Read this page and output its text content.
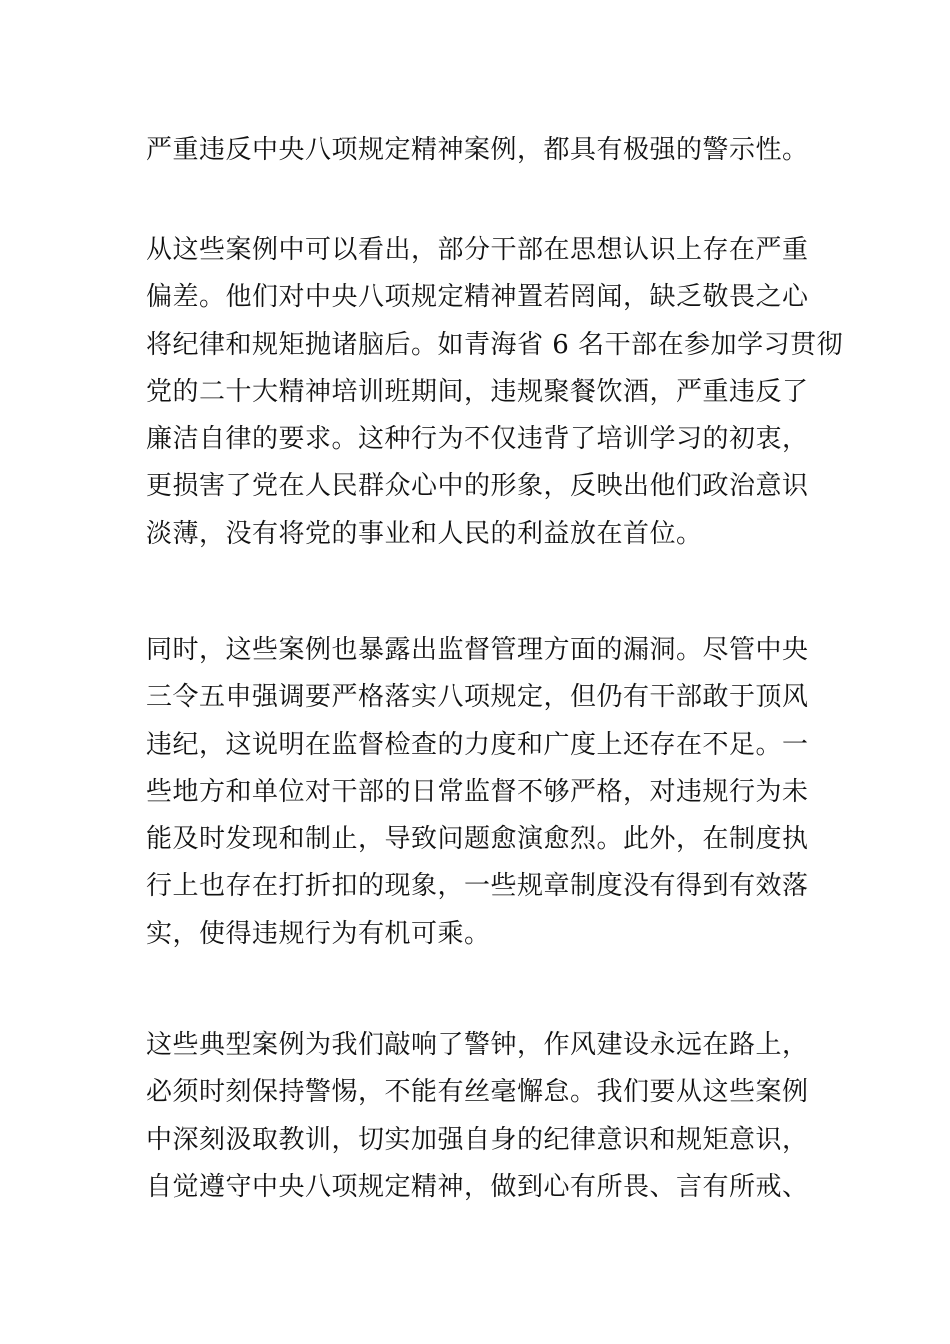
严重违反中央八项规定精神案例，都具有极强的警示性。

从这些案例中可以看出，部分干部在思想认识上存在严重
偏差。他们对中央八项规定精神置若罔闻，缺乏敬畏之心
将纪律和规矩抛诸脑后。如青海省 6 名干部在参加学习贯彻
党的二十大精神培训班期间，违规聚餐饮酒，严重违反了
廉洁自律的要求。这种行为不仅违背了培训学习的初衷，
更损害了党在人民群众心中的形象，反映出他们政治意识
淡薄，没有将党的事业和人民的利益放在首位。

同时，这些案例也暴露出监督管理方面的漏洞。尽管中央
三令五申强调要严格落实八项规定，但仍有干部敢于顶风
违纪，这说明在监督检查的力度和广度上还存在不足。一
些地方和单位对干部的日常监督不够严格，对违规行为未
能及时发现和制止，导致问题愈演愈烈。此外，在制度执
行上也存在打折扣的现象，一些规章制度没有得到有效落
实，使得违规行为有机可乘。

这些典型案例为我们敲响了警钟，作风建设永远在路上，
必须时刻保持警惕，不能有丝毫懈怠。我们要从这些案例
中深刻汲取教训，切实加强自身的纪律意识和规矩意识，
自觉遵守中央八项规定精神，做到心有所畏、言有所戒、
